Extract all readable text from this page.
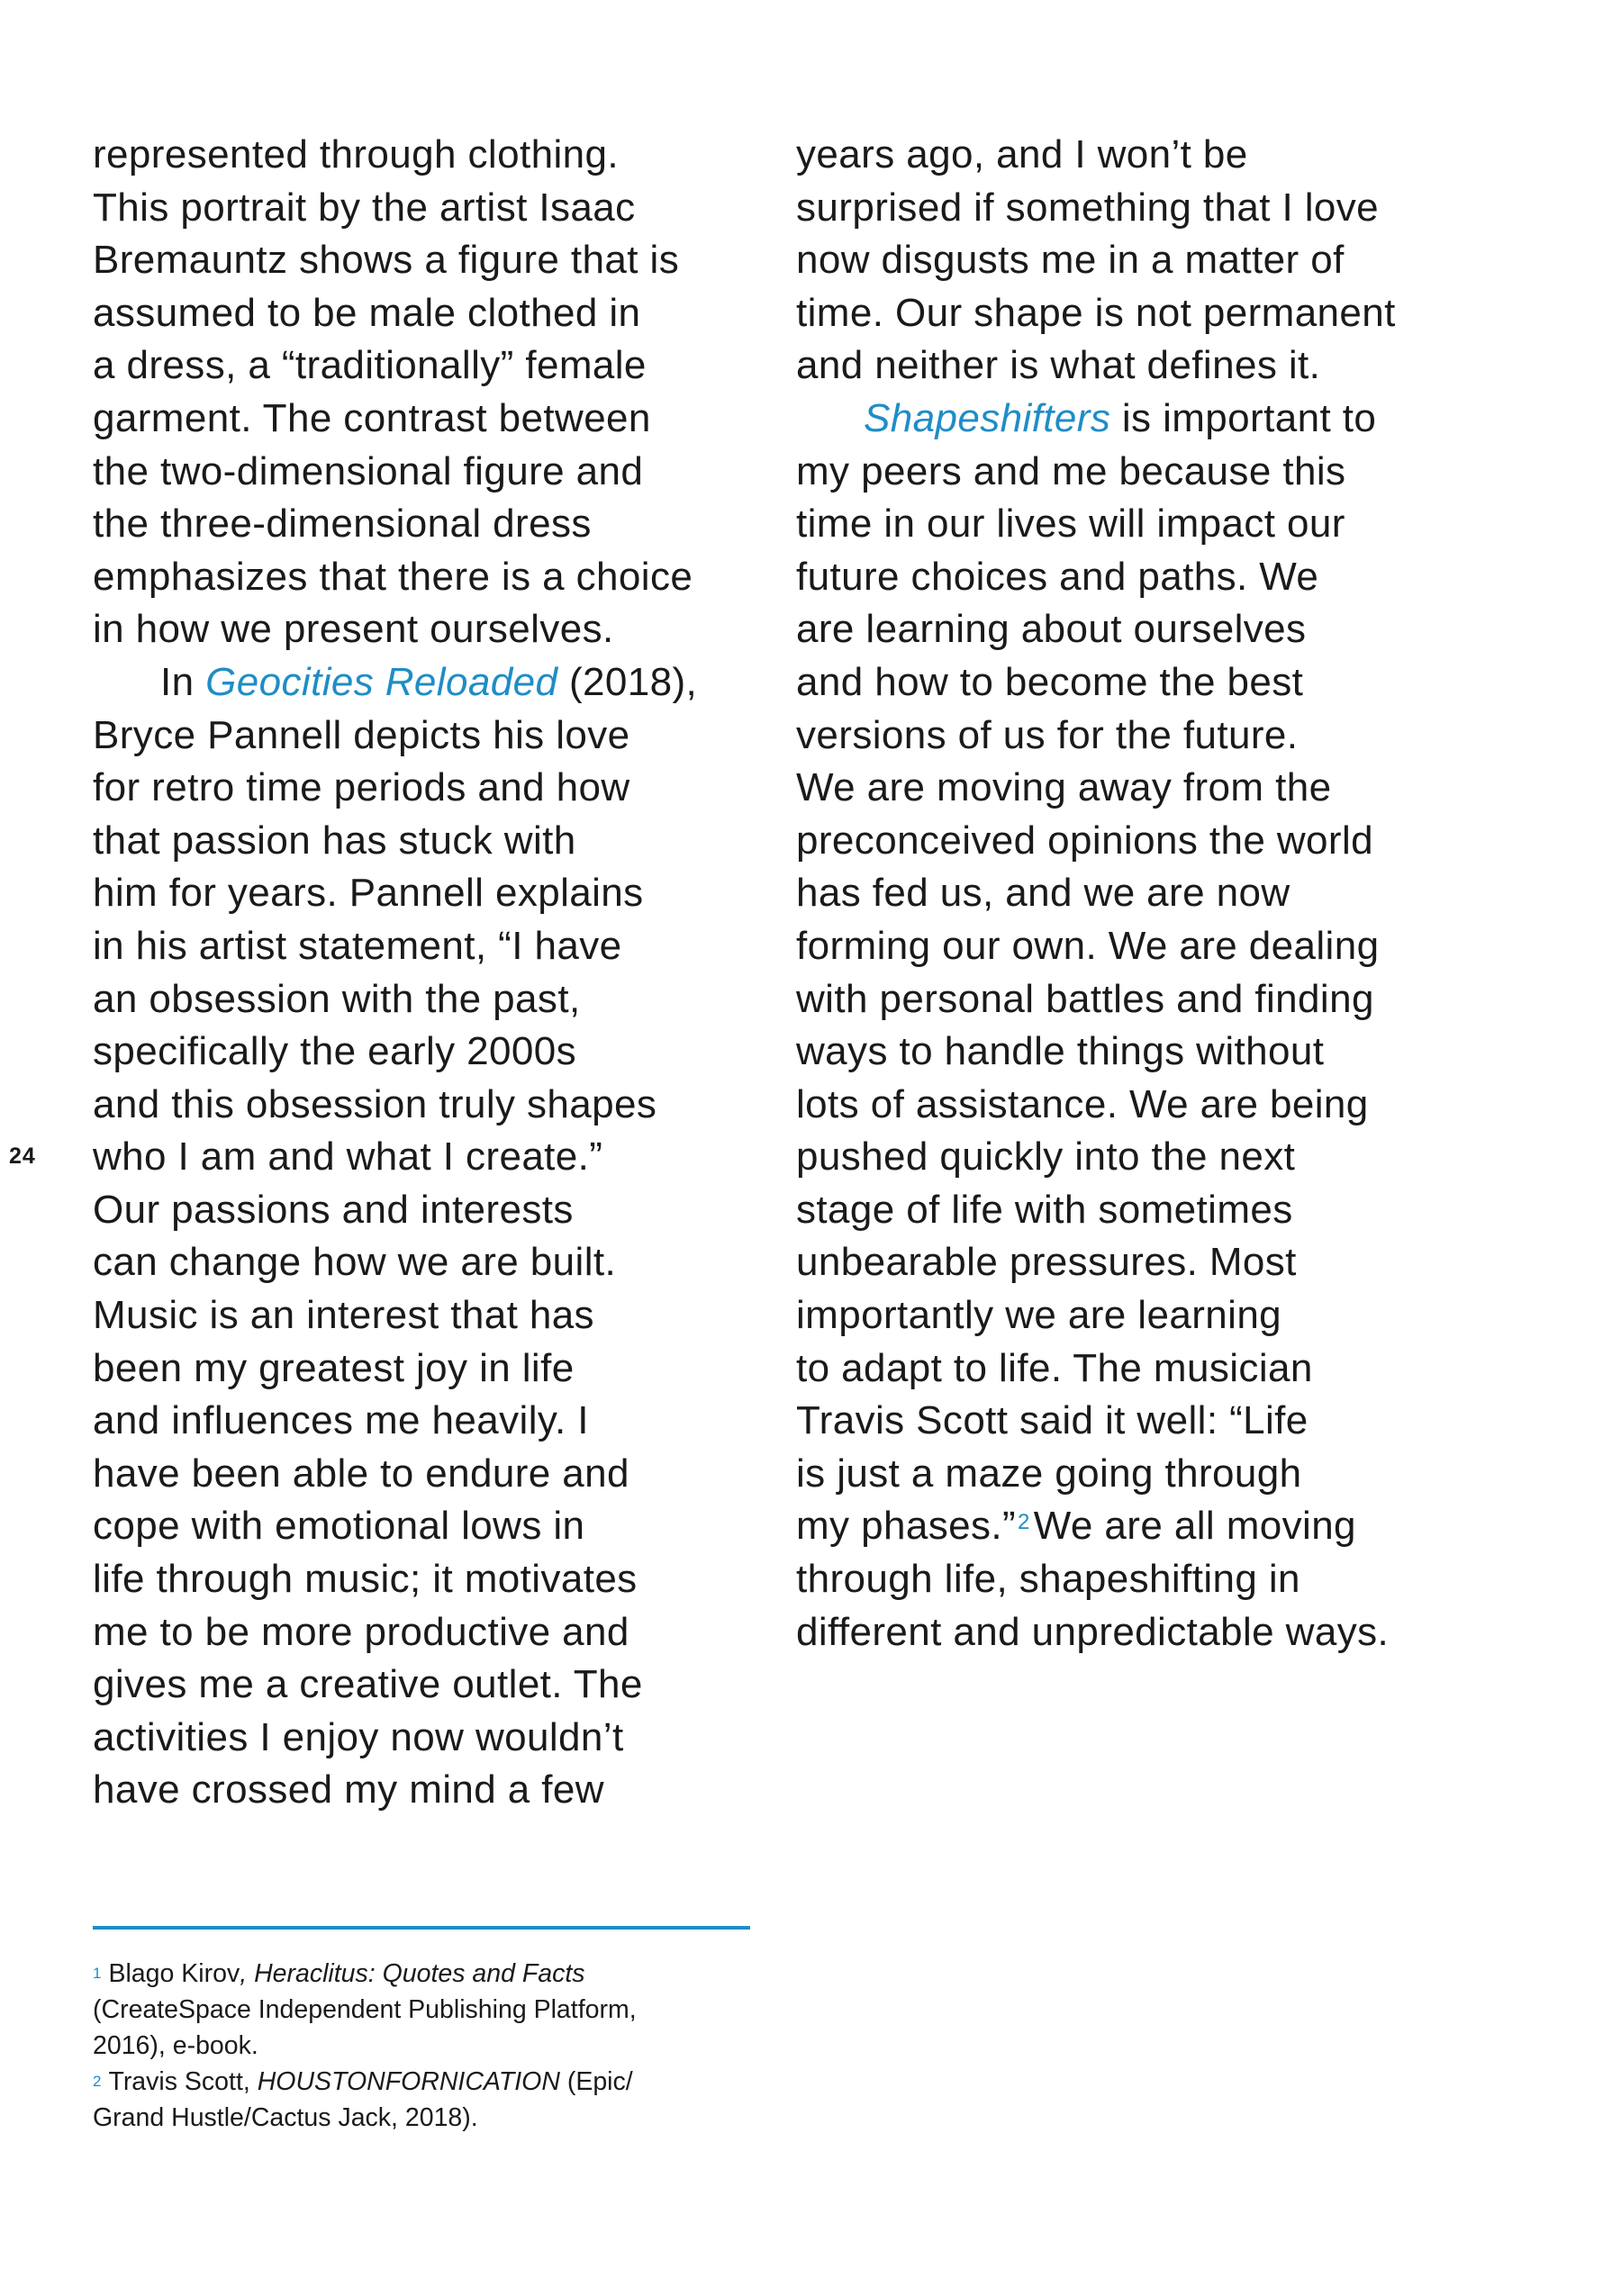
24
represented through clothing.
This portrait by the artist Isaac
Bremauntz shows a figure that is
assumed to be male clothed in
a dress, a “traditionally” female
garment. The contrast between
the two-dimensional figure and
the three-dimensional dress
emphasizes that there is a choice
in how we present ourselves.
In Geocities Reloaded (2018),
Bryce Pannell depicts his love
for retro time periods and how
that passion has stuck with
him for years. Pannell explains
in his artist statement, “I have
an obsession with the past,
specifically the early 2000s
and this obsession truly shapes
who I am and what I create.”
Our passions and interests
can change how we are built.
Music is an interest that has
been my greatest joy in life
and influences me heavily. I
have been able to endure and
cope with emotional lows in
life through music; it motivates
me to be more productive and
gives me a creative outlet. The
activities I enjoy now wouldn’t
have crossed my mind a few
years ago, and I won’t be
surprised if something that I love
now disgusts me in a matter of
time. Our shape is not permanent
and neither is what defines it.
Shapeshifters is important to
my peers and me because this
time in our lives will impact our
future choices and paths. We
are learning about ourselves
and how to become the best
versions of us for the future.
We are moving away from the
preconceived opinions the world
has fed us, and we are now
forming our own. We are dealing
with personal battles and finding
ways to handle things without
lots of assistance. We are being
pushed quickly into the next
stage of life with sometimes
unbearable pressures. Most
importantly we are learning
to adapt to life. The musician
Travis Scott said it well: “Life
is just a maze going through
my phases.”$^2$We are all moving
through life, shapeshifting in
different and unpredictable ways.
$^1$ Blago Kirov, Heraclitus: Quotes and Facts
(CreateSpace Independent Publishing Platform,
2016), e-book.
$^2$ Travis Scott, HOUSTONFORNICATION (Epic/
Grand Hustle/Cactus Jack, 2018).
